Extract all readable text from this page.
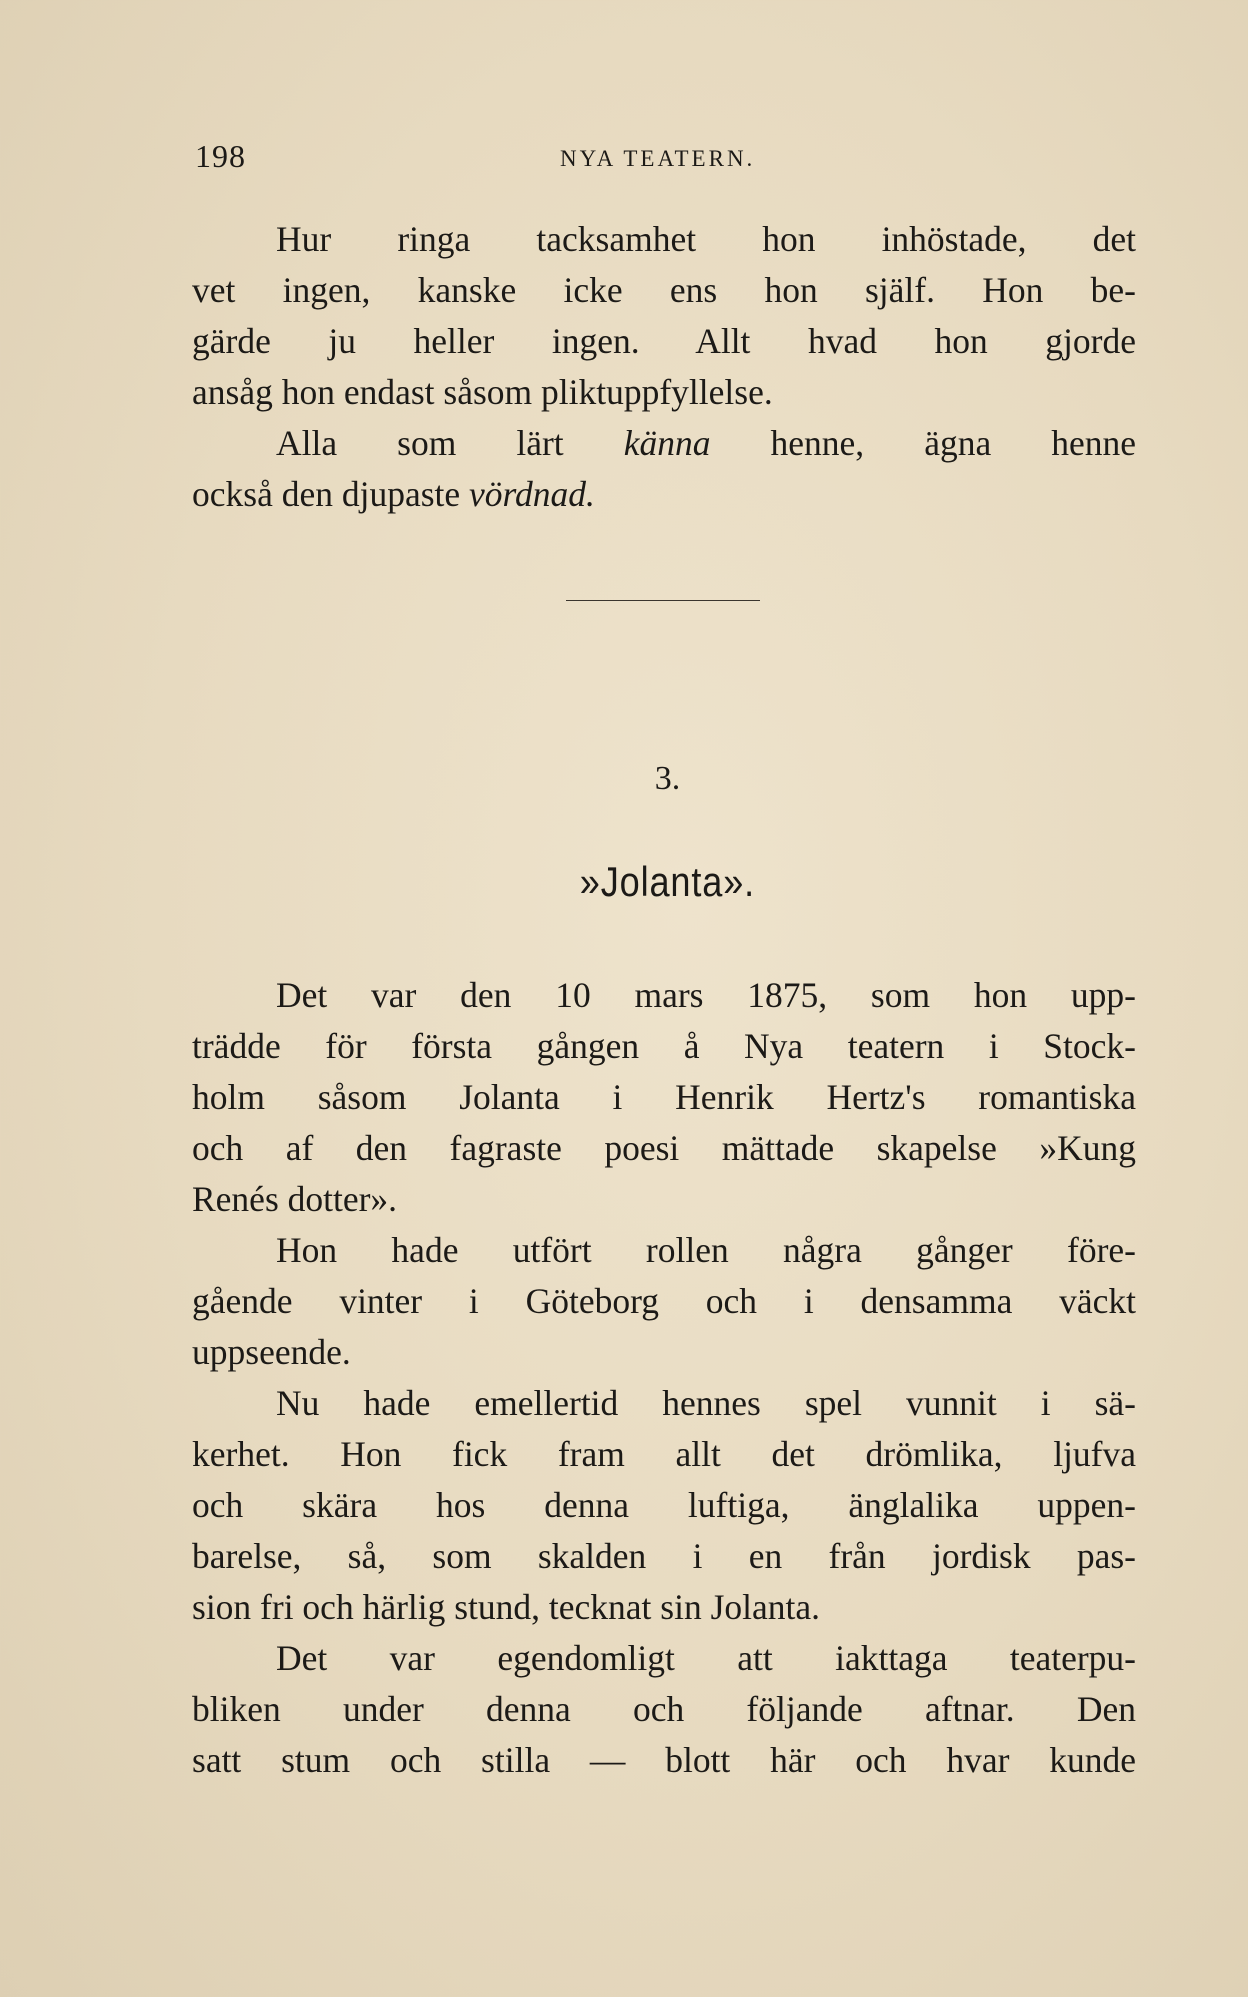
198	NYA TEATERN.
Hur ringa tacksamhet hon inhöstade, det
vet ingen, kanske icke ens hon själf. Hon be-
gärde ju heller ingen. Allt hvad hon gjorde
ansåg hon endast såsom pliktuppfyllelse.
Alla som lärt känna henne, ägna henne
också den djupaste vördnad.
3.
»Jolanta».
Det var den 10 mars 1875, som hon upp-
trädde för första gången å Nya teatern i Stock-
holm såsom Jolanta i Henrik Hertz's romantiska
och af den fagraste poesi mättade skapelse »Kung
Renés dotter».
Hon hade utfört rollen några gånger före-
gående vinter i Göteborg och i densamma väckt
uppseende.
Nu hade emellertid hennes spel vunnit i sä-
kerhet. Hon fick fram allt det drömlika, ljufva
och skära hos denna luftiga, änglalika uppen-
barelse, så, som skalden i en från jordisk pas-
sion fri och härlig stund, tecknat sin Jolanta.
Det var egendomligt att iakttaga teaterpu-
bliken under denna och följande aftnar. Den
satt stum och stilla — blott här och hvar kunde
